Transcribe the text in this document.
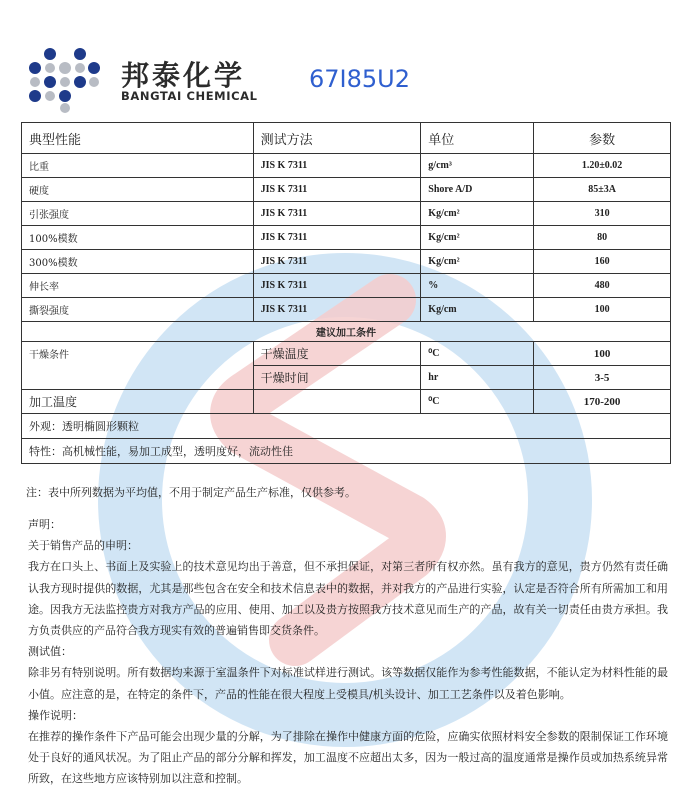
邦泰化学
BANGTAI CHEMICAL
67I85U2
典型性能	测试方法	单位	参数
比重	JIS K 7311	g/cm³	1.20±0.02
硬度	JIS K 7311	Shore A/D	85±3A
引张强度	JIS K 7311	Kg/cm²	310
100%模数	JIS K 7311	Kg/cm²	80
300%模数	JIS K 7311	Kg/cm²	160
伸长率	JIS K 7311	%	480
撕裂强度	JIS K 7311	Kg/cm	100
建议加工条件			
干燥条件	干燥温度	⁰C	100
	干燥时间	hr	3-5
加工温度		⁰C	170-200
外观：透明椭圆形颗粒			
特性：高机械性能，易加工成型，透明度好，流动性佳			
注：表中所列数据为平均值，不用于制定产品生产标准，仅供参考。

声明：

关于销售产品的申明：

我方在口头上、书面上及实验上的技术意见均出于善意，但不承担保证，对第三者所有权亦然。虽有我方的意见，贵方仍然有责任确认我方现时提供的数据，尤其是那些包含在安全和技术信息表中的数据，并对我方的产品进行实验，认定是否符合所有所需加工和用途。因我方无法监控贵方对我方产品的应用、使用、加工以及贵方按照我方技术意见而生产的产品，故有关一切责任由贵方承担。我方负责供应的产品符合我方现实有效的普遍销售即交货条件。

测试值：

除非另有特别说明。所有数据均来源于室温条件下对标准试样进行测试。该等数据仅能作为参考性能数据，不能认定为材料性能的最小值。应注意的是，在特定的条件下，产品的性能在很大程度上受模具/机头设计、加工工艺条件以及着色影响。

操作说明：

在推荐的操作条件下产品可能会出现少量的分解，为了排除在操作中健康方面的危险，应确实依照材料安全参数的限制保证工作环境处于良好的通风状况。为了阻止产品的部分分解和挥发，加工温度不应超出太多，因为一般过高的温度通常是操作员或加热系统异常所致，在这些地方应该特别加以注意和控制。
